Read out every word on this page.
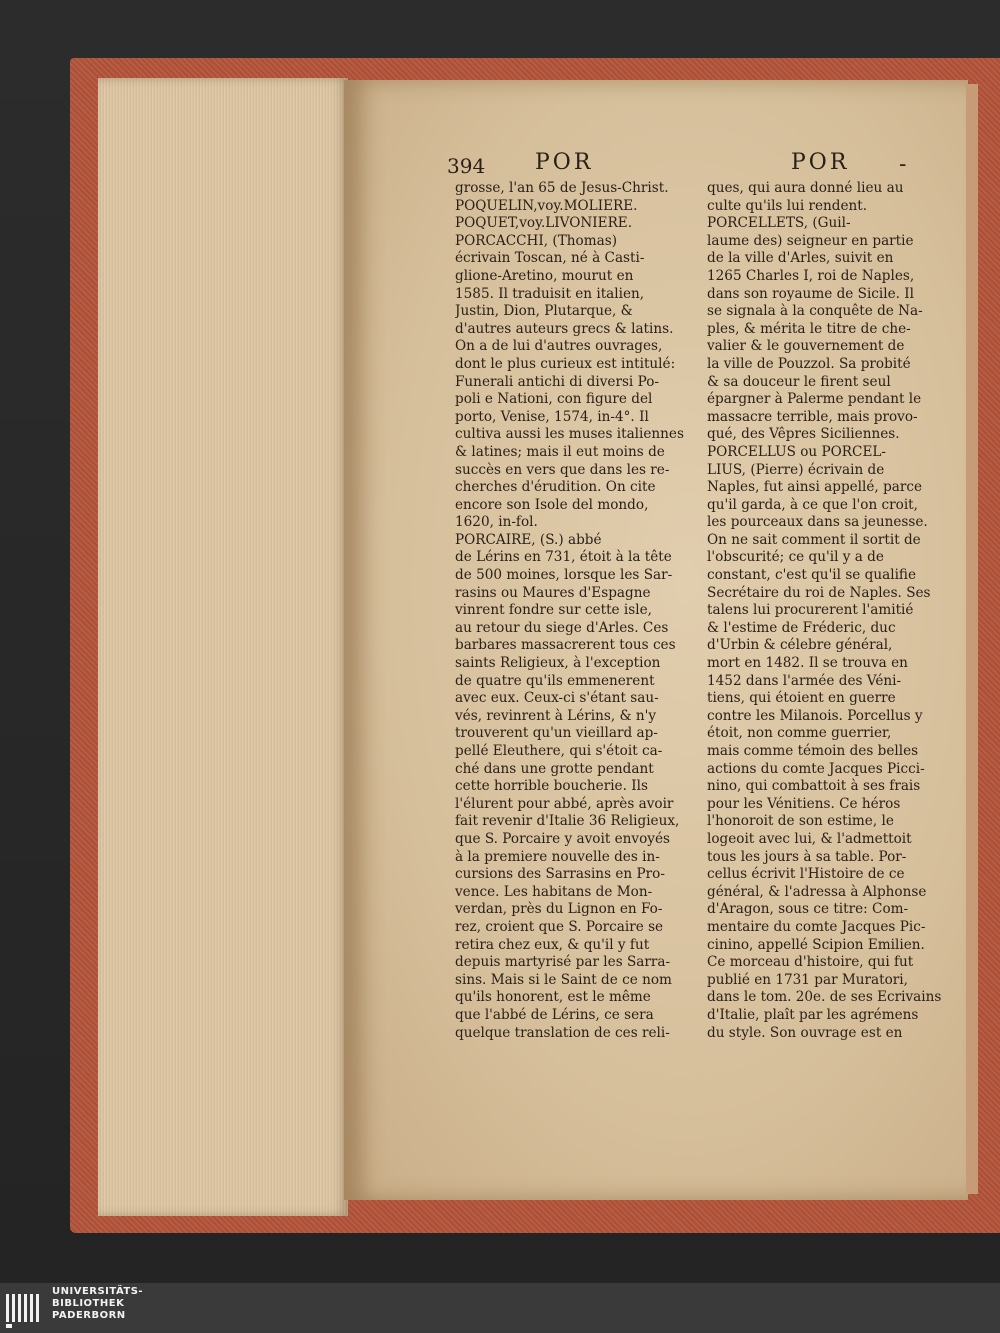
394 POR	POR -
grosse, l'an 65 de Jesus-Christ.
POQUELIN,voy.MOLIERE.
POQUET,voy.LIVONIERE.
PORCACCHI, (Thomas)
écrivain Toscan, né à Casti-
glione-Aretino, mourut en
1585. Il traduisit en italien,
Justin, Dion, Plutarque, &
d'autres auteurs grecs & latins.
On a de lui d'autres ouvrages,
dont le plus curieux est intitulé:
Funerali antichi di diversi Po-
poli e Nationi, con figure del
porto, Venise, 1574, in-4°. Il
cultiva aussi les muses italiennes
& latines; mais il eut moins de
succès en vers que dans les re-
cherches d'érudition. On cite
encore son Isole del mondo,
1620, in-fol.
PORCAIRE, (S.) abbé
de Lérins en 731, étoit à la tête
de 500 moines, lorsque les Sar-
rasins ou Maures d'Espagne
vinrent fondre sur cette isle,
au retour du siege d'Arles. Ces
barbares massacrerent tous ces
saints Religieux, à l'exception
de quatre qu'ils emmenerent
avec eux. Ceux-ci s'étant sau-
vés, revinrent à Lérins, & n'y
trouverent qu'un vieillard ap-
pellé Eleuthere, qui s'étoit ca-
ché dans une grotte pendant
cette horrible boucherie. Ils
l'élurent pour abbé, après avoir
fait revenir d'Italie 36 Religieux,
que S. Porcaire y avoit envoyés
à la premiere nouvelle des in-
cursions des Sarrasins en Pro-
vence. Les habitans de Mon-
verdan, près du Lignon en Fo-
rez, croient que S. Porcaire se
retira chez eux, & qu'il y fut
depuis martyrisé par les Sarra-
sins. Mais si le Saint de ce nom
qu'ils honorent, est le même
que l'abbé de Lérins, ce sera
quelque translation de ces reli-
ques, qui aura donné lieu au
culte qu'ils lui rendent.
PORCELLETS, (Guil-
laume des) seigneur en partie
de la ville d'Arles, suivit en
1265 Charles I, roi de Naples,
dans son royaume de Sicile. Il
se signala à la conquête de Na-
ples, & mérita le titre de che-
valier & le gouvernement de
la ville de Pouzzol. Sa probité
& sa douceur le firent seul
épargner à Palerme pendant le
massacre terrible, mais provo-
qué, des Vêpres Siciliennes.
PORCELLUS ou PORCEL-
LIUS, (Pierre) écrivain de
Naples, fut ainsi appellé, parce
qu'il garda, à ce que l'on croit,
les pourceaux dans sa jeunesse.
On ne sait comment il sortit de
l'obscurité; ce qu'il y a de
constant, c'est qu'il se qualifie
Secrétaire du roi de Naples. Ses
talens lui procurerent l'amitié
& l'estime de Fréderic, duc
d'Urbin & célebre général,
mort en 1482. Il se trouva en
1452 dans l'armée des Véni-
tiens, qui étoient en guerre
contre les Milanois. Porcellus y
étoit, non comme guerrier,
mais comme témoin des belles
actions du comte Jacques Picci-
nino, qui combattoit à ses frais
pour les Vénitiens. Ce héros
l'honoroit de son estime, le
logeoit avec lui, & l'admettoit
tous les jours à sa table. Por-
cellus écrivit l'Histoire de ce
général, & l'adressa à Alphonse
d'Aragon, sous ce titre: Com-
mentaire du comte Jacques Pic-
cinino, appellé Scipion Emilien.
Ce morceau d'histoire, qui fut
publié en 1731 par Muratori,
dans le tom. 20e. de ses Ecrivains
d'Italie, plaît par les agrémens
du style. Son ouvrage est en
UNIVERSITÄTS-
BIBLIOTHEK
PADERBORN
